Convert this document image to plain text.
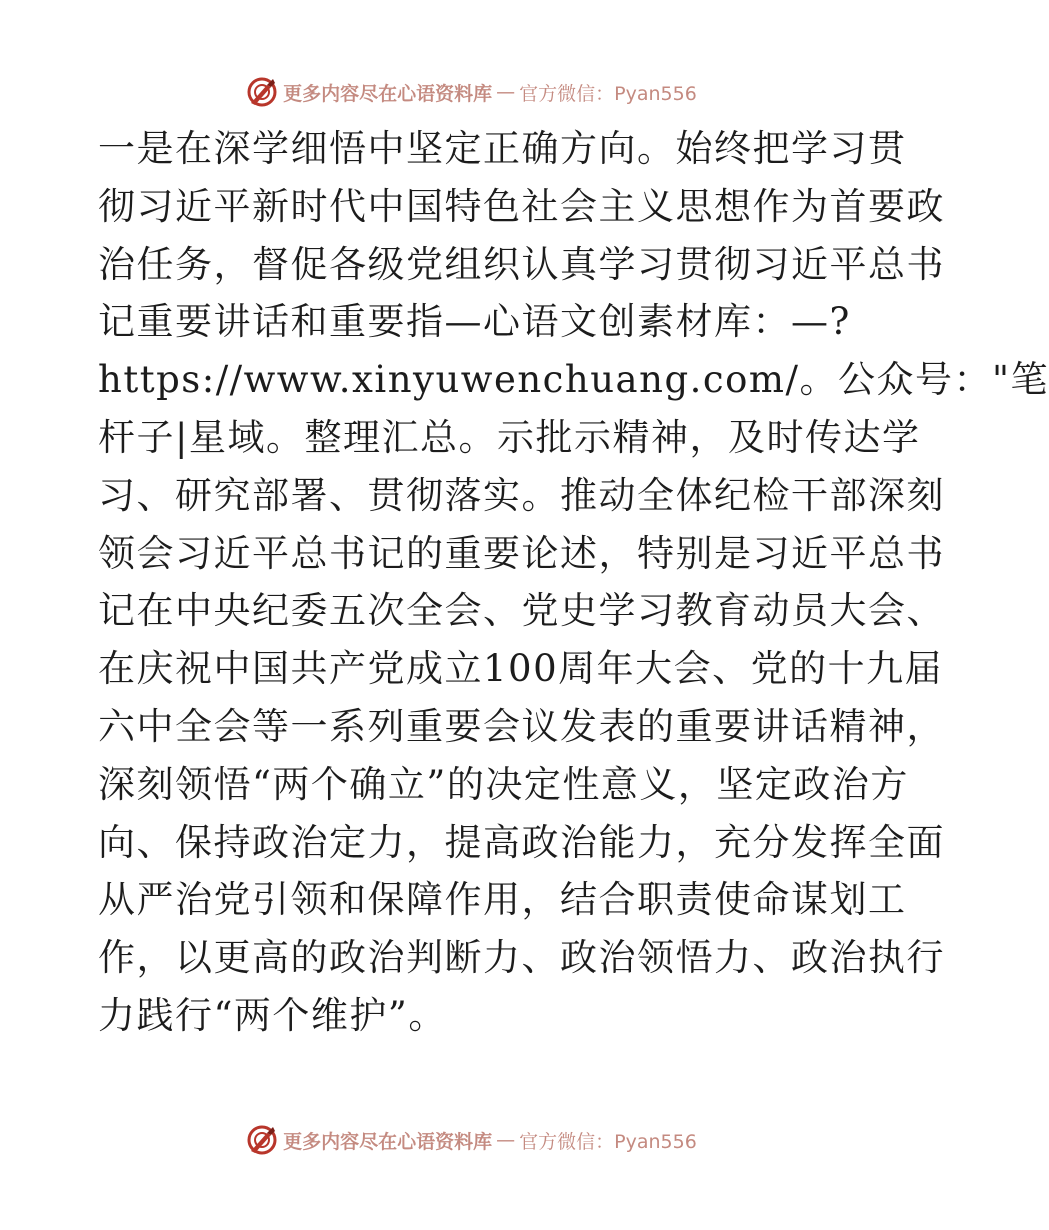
更多内容尽在心语资料库 — 官方微信：Pyan556
一是在深学细悟中坚定正确方向。始终把学习贯
彻习近平新时代中国特色社会主义思想作为首要政
治任务，督促各级党组织认真学习贯彻习近平总书
记重要讲话和重要指—心语文创素材库：—?
https://www.xinyuwenchuang.com/。公众号："笔
杆子|星域。整理汇总。示批示精神，及时传达学
习、研究部署、贯彻落实。推动全体纪检干部深刻
领会习近平总书记的重要论述，特别是习近平总书
记在中央纪委五次全会、党史学习教育动员大会、
在庆祝中国共产党成立100周年大会、党的十九届
六中全会等一系列重要会议发表的重要讲话精神，
深刻领悟“两个确立”的决定性意义，坚定政治方
向、保持政治定力，提高政治能力，充分发挥全面
从严治党引领和保障作用，结合职责使命谋划工
作，以更高的政治判断力、政治领悟力、政治执行
力践行“两个维护”。
更多内容尽在心语资料库 — 官方微信：Pyan556
